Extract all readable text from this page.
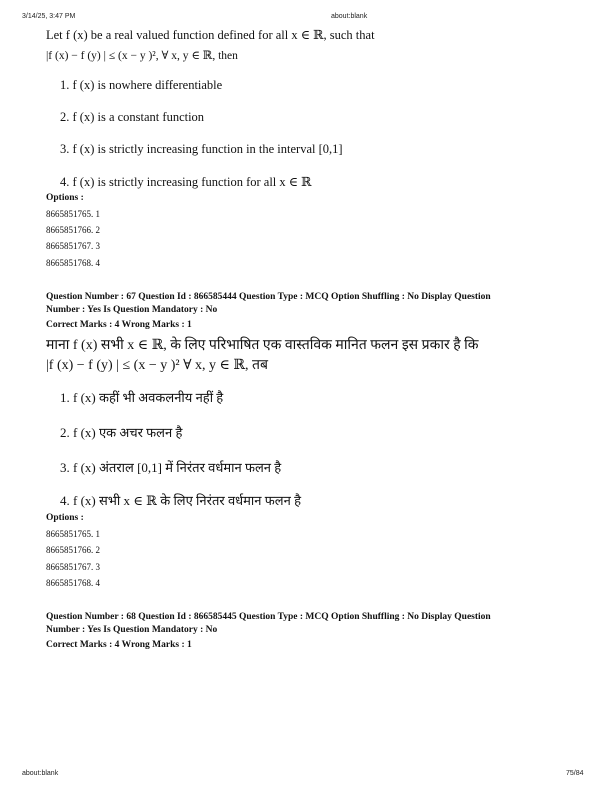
3/14/25, 3:47 PM	about:blank
Let f (x) be a real valued function defined for all x ∈ ℝ, such that
|f (x) − f (y) | ≤ (x − y )², ∀ x, y ∈ ℝ, then
1. f (x) is nowhere differentiable
2. f (x) is a constant function
3. f (x) is strictly increasing function in the interval [0,1]
4. f (x) is strictly increasing function for all x ∈ ℝ
Options :
8665851765. 1
8665851766. 2
8665851767. 3
8665851768. 4
Question Number : 67 Question Id : 866585444 Question Type : MCQ Option Shuffling : No Display Question
Number : Yes Is Question Mandatory : No
Correct Marks : 4 Wrong Marks : 1
माना f (x) सभी x ∈ ℝ, के लिए परिभाषित एक वास्तविक मानित फलन इस प्रकार है कि
|f (x) − f (y) | ≤ (x − y )² ∀ x, y ∈ ℝ, तब
1. f (x) कहीं भी अवकलनीय नहीं है
2. f (x) एक अचर फलन है
3. f (x) अंतराल [0,1] में निरंतर वर्धमान फलन है
4. f (x) सभी x ∈ ℝ के लिए निरंतर वर्धमान फलन है
Options :
8665851765. 1
8665851766. 2
8665851767. 3
8665851768. 4
Question Number : 68 Question Id : 866585445 Question Type : MCQ Option Shuffling : No Display Question
Number : Yes Is Question Mandatory : No
Correct Marks : 4 Wrong Marks : 1
about:blank	75/84
